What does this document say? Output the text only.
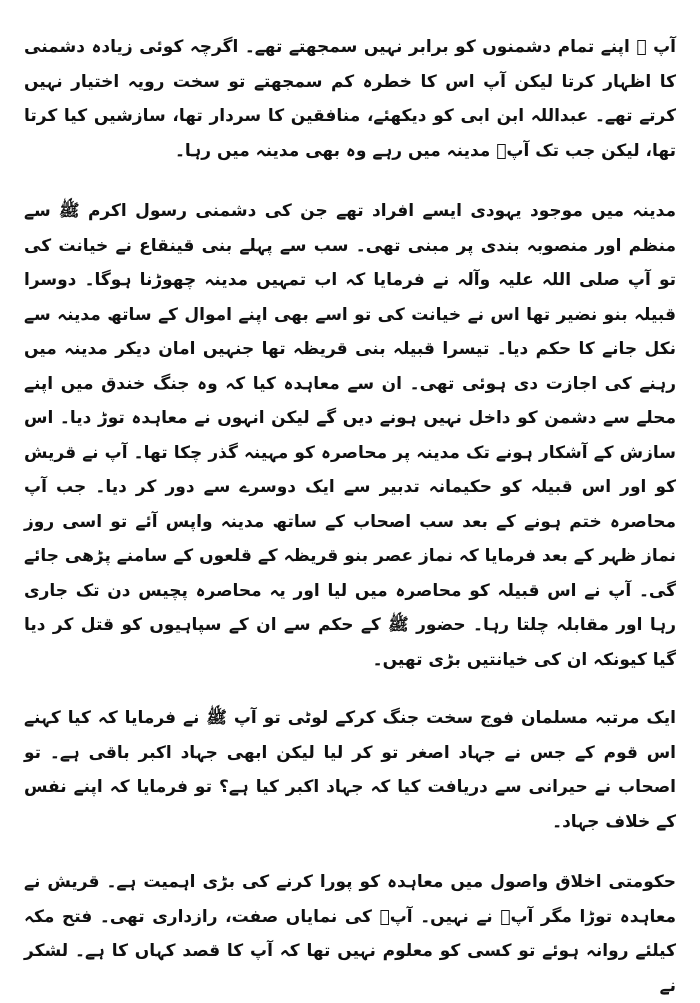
آپ ﷺ اپنے تمام دشمنوں کو برابر نہیں سمجھتے تھے۔ اگرچہ کوئی زیادہ دشمنی کا اظہار کرتا لیکن آپ اس کا خطرہ کم سمجھتے تو سخت رویہ اختیار نہیں کرتے تھے۔ عبداللہ ابن ابی کو دیکھئے، منافقین کا سردار تھا، سازشیں کیا کرتا تھا، لیکن جب تک آپؐ مدینہ میں رہے وہ بھی مدینہ میں رہا۔

مدینہ میں موجود یہودی ایسے افراد تھے جن کی دشمنی رسول اکرم ﷺ سے منظم اور منصوبہ بندی پر مبنی تھی۔ سب سے پہلے بنی قینقاع نے خیانت کی تو آپ صلی اللہ علیہ وآلہ نے فرمایا کہ اب تمہیں مدینہ چھوڑنا ہوگا۔ دوسرا قبیلہ بنو نضیر تھا اس نے خیانت کی تو اسے بھی اپنے اموال کے ساتھ مدینہ سے نکل جانے کا حکم دیا۔ تیسرا قبیلہ بنی قریظہ تھا جنہیں امان دیکر مدینہ میں رہنے کی اجازت دی ہوئی تھی۔ ان سے معاہدہ کیا کہ وہ جنگ خندق میں اپنے محلے سے دشمن کو داخل نہیں ہونے دیں گے لیکن انہوں نے معاہدہ توڑ دیا۔ اس سازش کے آشکار ہونے تک مدینہ پر محاصرہ کو مہینہ گذر چکا تھا۔ آپ نے قریش کو اور اس قبیلہ کو حکیمانہ تدبیر سے ایک دوسرے سے دور کر دیا۔ جب آپ محاصرہ ختم ہونے کے بعد سب اصحاب کے ساتھ مدینہ واپس آئے تو اسی روز نماز ظہر کے بعد فرمایا کہ نماز عصر بنو قریظہ کے قلعوں کے سامنے پڑھی جائے گی۔ آپ نے اس قبیلہ کو محاصرہ میں لیا اور یہ محاصرہ پچیس دن تک جاری رہا اور مقابلہ چلتا رہا۔ حضور ﷺ کے حکم سے ان کے سپاہیوں کو قتل کر دیا گیا کیونکہ ان کی خیانتیں بڑی تھیں۔

ایک مرتبہ مسلمان فوج سخت جنگ کرکے لوٹی تو آپ ﷺ نے فرمایا کہ کیا کہنے اس قوم کے جس نے جہاد اصغر تو کر لیا لیکن ابھی جہاد اکبر باقی ہے۔ تو اصحاب نے حیرانی سے دریافت کیا کہ جہاد اکبر کیا ہے؟ تو فرمایا کہ اپنے نفس کے خلاف جہاد۔

حکومتی اخلاق واصول میں معاہدہ کو پورا کرنے کی بڑی اہمیت ہے۔ قریش نے معاہدہ توڑا مگر آپؐ نے نہیں۔ آپؐ کی نمایاں صفت، رازداری تھی۔ فتح مکہ کیلئے روانہ ہوئے تو کسی کو معلوم نہیں تھا کہ آپ کا قصد کہاں کا ہے۔ لشکر نے
